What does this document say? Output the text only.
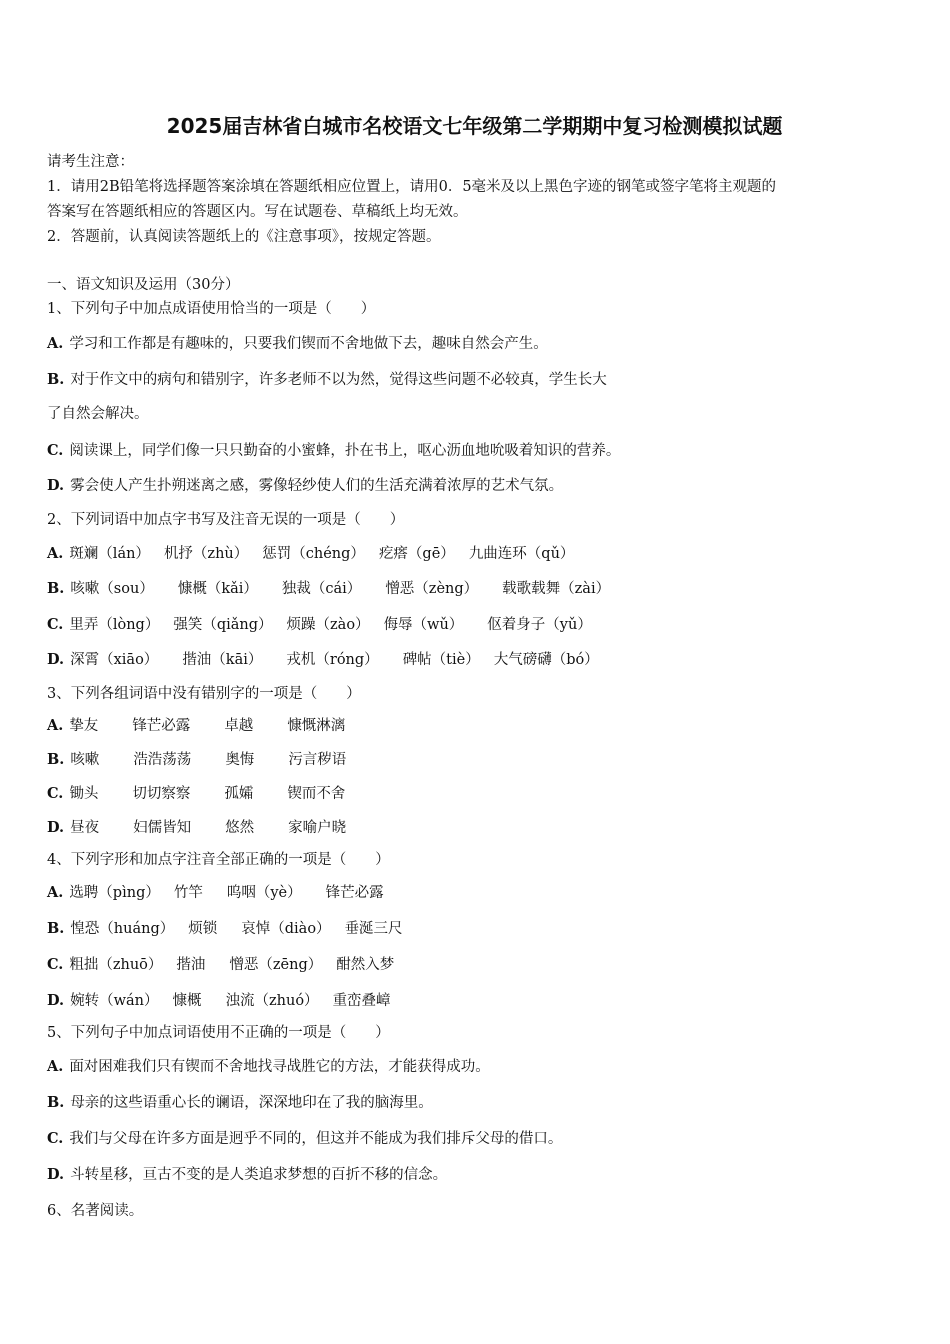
2025届吉林省白城市名校语文七年级第二学期期中复习检测模拟试题

请考生注意：

1．请用2B铅笔将选择题答案涂填在答题纸相应位置上，请用0．5毫米及以上黑色字迹的钢笔或签字笔将主观题的

答案写在答题纸相应的答题区内。写在试题卷、草稿纸上均无效。

2．答题前，认真阅读答题纸上的《注意事项》，按规定答题。

一、语文知识及运用（30分）

1、下列句子中加点成语使用恰当的一项是（　　）

A. 学习和工作都是有趣味的，只要我们锲而不舍地做下去，趣味自然会产生。

B. 对于作文中的病句和错别字，许多老师不以为然，觉得这些问题不必较真，学生长大

了自然会解决。

C. 阅读课上，同学们像一只只勤奋的小蜜蜂，扑在书上，呕心沥血地吮吸着知识的营养。

D. 雾会使人产生扑朔迷离之感，雾像轻纱使人们的生活充满着浓厚的艺术气氛。

2、下列词语中加点字书写及注音无误的一项是（　　）

A. 斑斓（lán） 机抒（zhù） 惩罚（chéng） 疙瘩（gē） 九曲连环（qǔ）

B. 咳嗽（sou） 慷概（kǎi） 独裁（cái） 憎恶（zèng） 载歌载舞（zài）

C. 里弄（lòng） 强笑（qiǎng） 烦躁（zào） 侮辱（wǔ） 伛着身子（yǔ）

D. 深霄（xiāo） 揩油（kāi） 戎机（róng） 碑帖（tiè） 大气磅礴（bó）

3、下列各组词语中没有错别字的一项是（　　）

A. 挚友 锋芒必露 卓越 慷慨淋漓

B. 咳嗽 浩浩荡荡 奥悔 污言秽语

C. 锄头 切切察察 孤孀 锲而不舍

D. 昼夜 妇儒皆知 悠然 家喻户晓

4、下列字形和加点字注音全部正确的一项是（　　）

A. 选聘（pìng） 竹竿 呜咽（yè） 锋芒必露

B. 惶恐（huáng） 烦锁 哀悼（diào） 垂涎三尺

C. 粗拙（zhuō） 揩油 憎恶（zēng） 酣然入梦

D. 婉转（wán） 慷概 浊流（zhuó） 重峦叠嶂

5、下列句子中加点词语使用不正确的一项是（　　）

A. 面对困难我们只有锲而不舍地找寻战胜它的方法，才能获得成功。

B. 母亲的这些语重心长的谰语，深深地印在了我的脑海里。

C. 我们与父母在许多方面是迥乎不同的，但这并不能成为我们排斥父母的借口。

D. 斗转星移，亘古不变的是人类追求梦想的百折不移的信念。

6、名著阅读。
